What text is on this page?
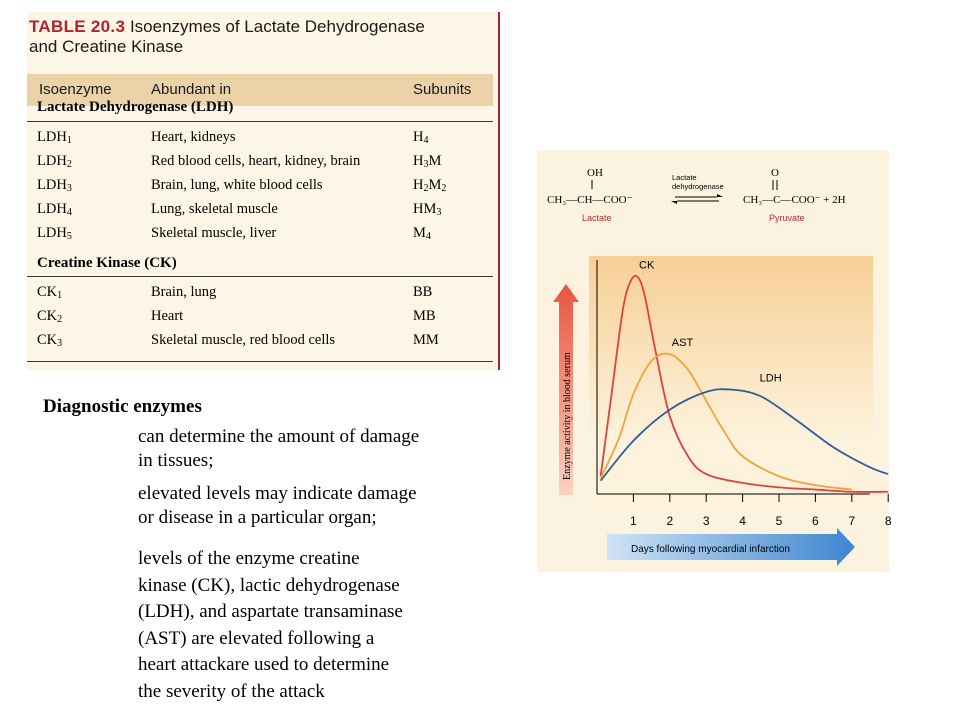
TABLE 20.3 Isoenzymes of Lactate Dehydrogenase
and Creatine Kinase
Isoenzyme	Abundant in	Subunits
Lactate Dehydrogenase (LDH)
$LDH_1$	Heart, kidneys	$H_4$
$LDH_2$	Red blood cells, heart, kidney, brain	$H_3M$
$LDH_3$	Brain, lung, white blood cells	$H_2M_2$
$LDH_4$	Lung, skeletal muscle	$HM_3$
$LDH_5$	Skeletal muscle, liver	$M_4$
Creatine Kinase (CK)
$CK_1$	Brain, lung	BB
$CK_2$	Heart	MB
$CK_3$	Skeletal muscle, red blood cells	MM
Diagnostic enzymes
can determine the amount of damage
in tissues;
elevated levels may indicate damage
or disease in a particular organ;
levels of the enzyme creatine
kinase (CK), lactic dehydrogenase
(LDH), and aspartate transaminase
(AST) are elevated following a
heart attackare used to determine
the severity of the attack
OH
CH₃—CH—COO⁻
Lactate
Lactate
dehydrogenase
O
CH₃—C—COO⁻ + 2H
Pyruvate
Enzyme activity in blood serum
Days following myocardial infarction
1 2 3 4 5 6 7 8
CK
AST
LDH
